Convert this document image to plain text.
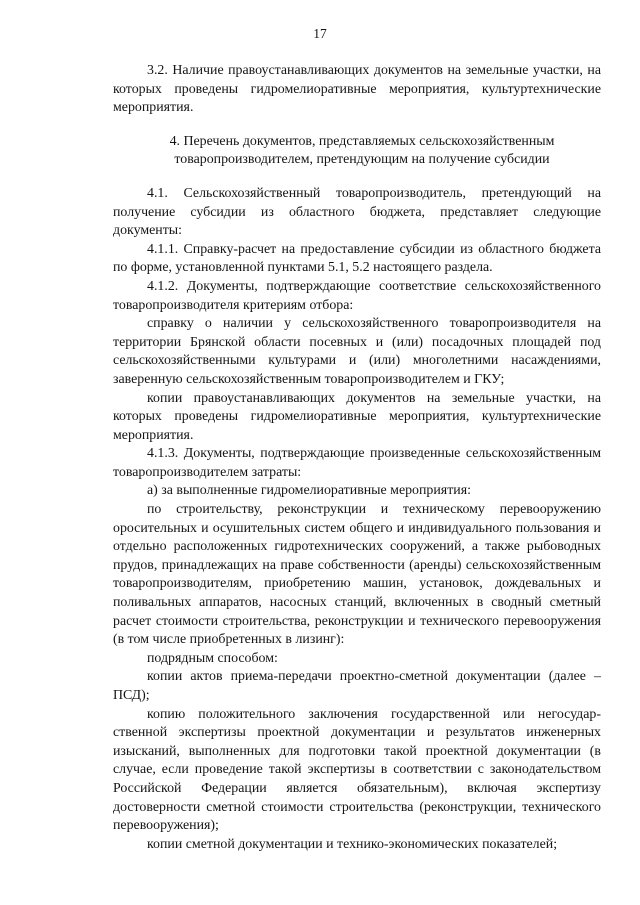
17

3.2. Наличие правоустанавливающих документов на земельные участки, на которых проведены гидромелиоративные мероприятия, культуртехнические мероприятия.

4. Перечень документов, представляемых сельскохозяйственным
товаропроизводителем, претендующим на получение субсидии

4.1. Сельскохозяйственный товаропроизводитель, претендующий на получение субсидии из областного бюджета, представляет следующие документы:

4.1.1. Справку-расчет на предоставление субсидии из областного бюджета по форме, установленной пунктами 5.1, 5.2 настоящего раздела.

4.1.2. Документы, подтверждающие соответствие сельскохозяйственного товаропроизводителя критериям отбора:

справку о наличии у сельскохозяйственного товаропроизводителя на территории Брянской области посевных и (или) посадочных площадей под сельскохозяйственными культурами и (или) многолетними насаждениями, заверенную сельскохозяйственным товаропроизводителем и ГКУ;

копии правоустанавливающих документов на земельные участки, на которых проведены гидромелиоративные мероприятия, культуртехнические мероприятия.

4.1.3. Документы, подтверждающие произведенные сельскохозяйственным товаропроизводителем затраты:

а) за выполненные гидромелиоративные мероприятия:

по строительству, реконструкции и техническому перевооружению оросительных и осушительных систем общего и индивидуального пользования и отдельно расположенных гидротехнических сооружений, а также рыбоводных прудов, принадлежащих на праве собственности (аренды) сельскохозяйственным товаропроизводителям, приобретению машин, установок, дождевальных и поливальных аппаратов, насосных станций, включенных в сводный сметный расчет стоимости строительства, реконструкции и технического перевооружения (в том числе приобретенных в лизинг):

подрядным способом:

копии актов приема-передачи проектно-сметной документации (далее – ПСД);

копию положительного заключения государственной или негосударственной экспертизы проектной документации и результатов инженерных изысканий, выполненных для подготовки такой проектной документации (в случае, если проведение такой экспертизы в соответствии с законодательством Российской Федерации является обязательным), включая экспертизу достоверности сметной стоимости строительства (реконструкции, технического перевооружения);

копии сметной документации и технико-экономических показателей;
